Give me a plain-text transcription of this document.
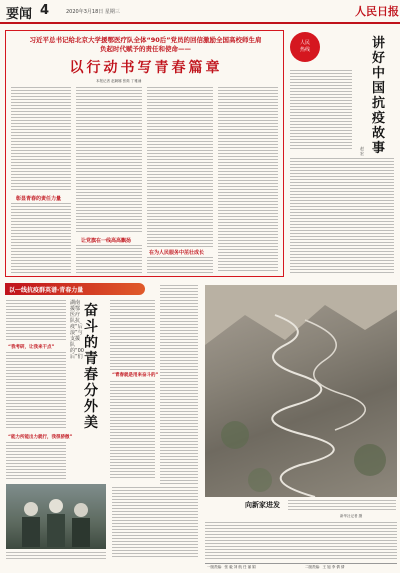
要闻 4	2020年3月18日 星期三	人民日报
习近平总书记给北京大学援鄂医疗队全体“90后”党员的回信激励全国高校师生肩负起时代赋予的责任和使命——
以行动书写青春篇章
本报记者 赵婀娜 张烁 丁雅诵
彰显青春的责任力量
让党旗在一线高高飘扬
在为人民服务中茁壮成长
人民
热线	讲好中国抗疫故事
赵 宏
以一线抗疫群英谱·青春力量
“我考研，让我来干点”
“能力所能出力就行，我很骄傲”
湖南援鄂医疗队抗疫“后浪”与支援队的“00后”们
奋斗的青春分外美
“青春就是用来奋斗的”
向新家进发
新华社记者 摄
一版责编：张 毅 刘 航 任 丽 娟	二版责编：王 旭 李 倩 倩
